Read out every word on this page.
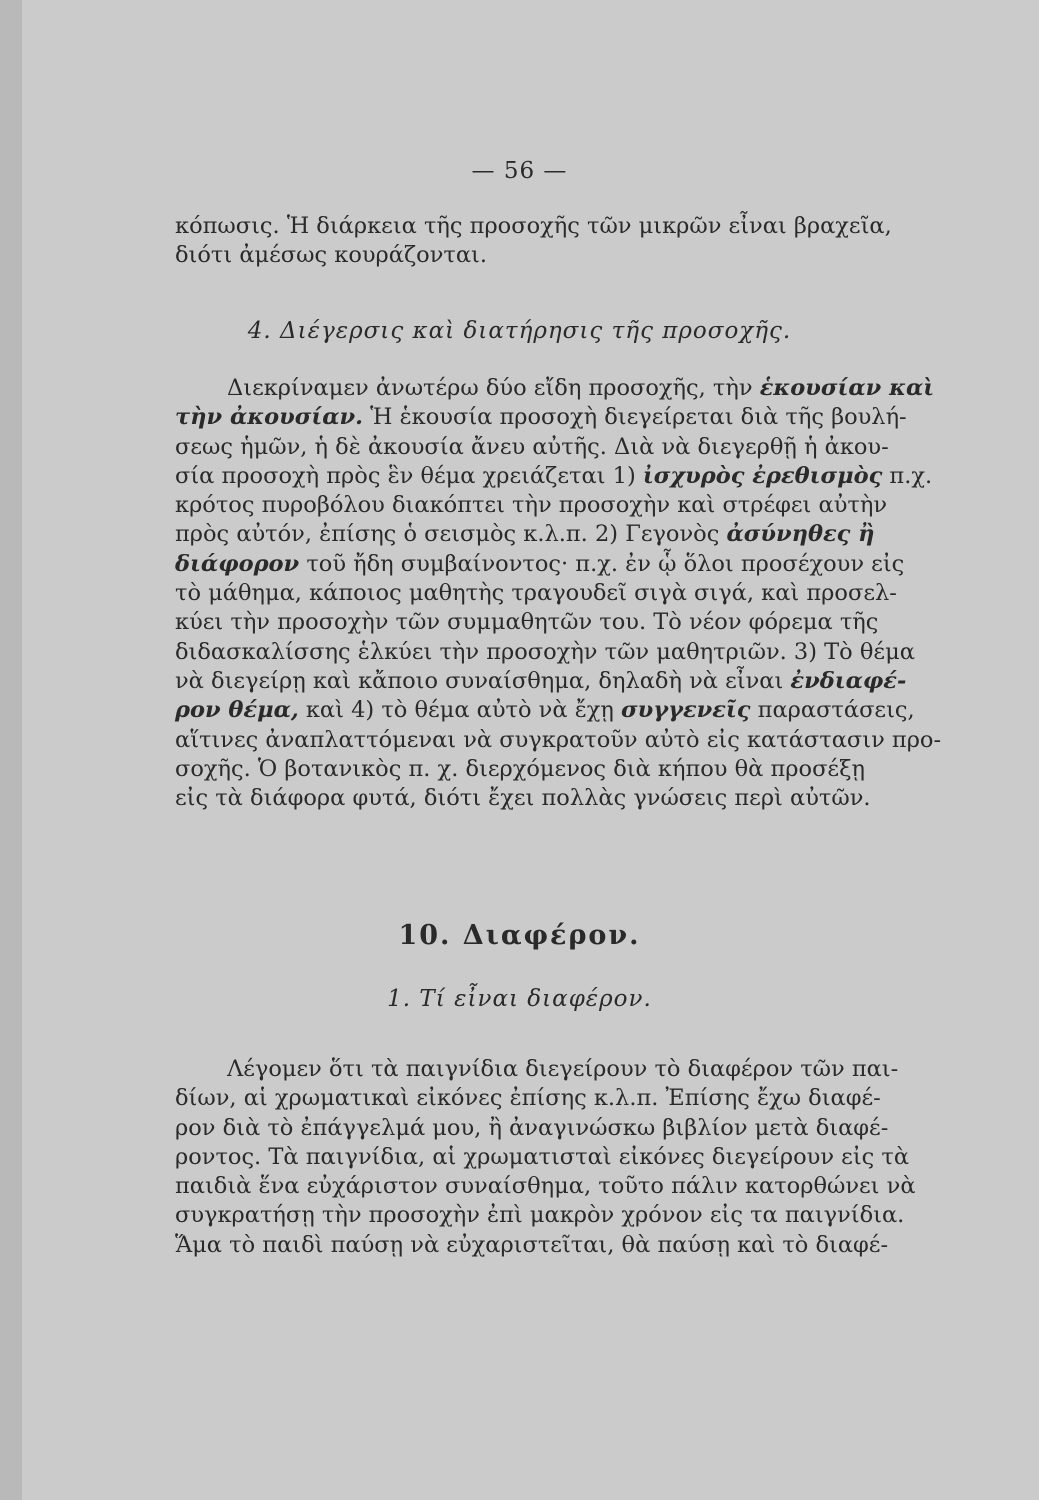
— 56 —
κόπωσις. Ἡ διάρκεια τῆς προσοχῆς τῶν μικρῶν εἶναι βραχεῖα,
διότι ἀμέσως κουράζονται.
4. Διέγερσις καὶ διατήρησις τῆς προσοχῆς.
Διεκρίναμεν ἀνωτέρω δύο εἴδη προσοχῆς, τὴν ἑκουσίαν καὶ
τὴν ἀκουσίαν. Ἡ ἑκουσία προσοχὴ διεγείρεται διὰ τῆς βουλή-
σεως ἡμῶν, ἡ δὲ ἀκουσία ἄνευ αὐτῆς. Διὰ νὰ διεγερθῇ ἡ ἀκου-
σία προσοχὴ πρὸς ἓν θέμα χρειάζεται 1) ἰσχυρὸς ἐρεθισμὸς π.χ.
κρότος πυροβόλου διακόπτει τὴν προσοχὴν καὶ στρέφει αὐτὴν
πρὸς αὐτόν, ἐπίσης ὁ σεισμὸς κ.λ.π. 2) Γεγονὸς ἀσύνηθες ἢ
διάφορον τοῦ ἤδη συμβαίνοντος· π.χ. ἐν ᾧ ὅλοι προσέχουν εἰς
τὸ μάθημα, κάποιος μαθητὴς τραγουδεῖ σιγὰ σιγά, καὶ προσελ-
κύει τὴν προσοχὴν τῶν συμμαθητῶν του. Τὸ νέον φόρεμα τῆς
διδασκαλίσσης ἑλκύει τὴν προσοχὴν τῶν μαθητριῶν. 3) Τὸ θέμα
νὰ διεγείρῃ καὶ κἄποιο συναίσθημα, δηλαδὴ νὰ εἶναι ἐνδιαφέ-
ρον θέμα, καὶ 4) τὸ θέμα αὐτὸ νὰ ἔχῃ συγγενεῖς παραστάσεις,
αἵτινες ἀναπλαττόμεναι νὰ συγκρατοῦν αὐτὸ εἰς κατάστασιν προ-
σοχῆς. Ὁ βοτανικὸς π. χ. διερχόμενος διὰ κήπου θὰ προσέξῃ
εἰς τὰ διάφορα φυτά, διότι ἔχει πολλὰς γνώσεις περὶ αὐτῶν.
10. Διαφέρον.
1. Τί εἶναι διαφέρον.
Λέγομεν ὅτι τὰ παιγνίδια διεγείρουν τὸ διαφέρον τῶν παι-
δίων, αἱ χρωματικαὶ εἰκόνες ἐπίσης κ.λ.π. Ἐπίσης ἔχω διαφέ-
ρον διὰ τὸ ἐπάγγελμά μου, ἢ ἀναγινώσκω βιβλίον μετὰ διαφέ-
ροντος. Τὰ παιγνίδια, αἱ χρωματισταὶ εἰκόνες διεγείρουν εἰς τὰ
παιδιὰ ἕνα εὐχάριστον συναίσθημα, τοῦτο πάλιν κατορθώνει νὰ
συγκρατήσῃ τὴν προσοχὴν ἐπὶ μακρὸν χρόνον εἰς τα παιγνίδια.
Ἅμα τὸ παιδὶ παύσῃ νὰ εὐχαριστεῖται, θὰ παύσῃ καὶ τὸ διαφέ-
